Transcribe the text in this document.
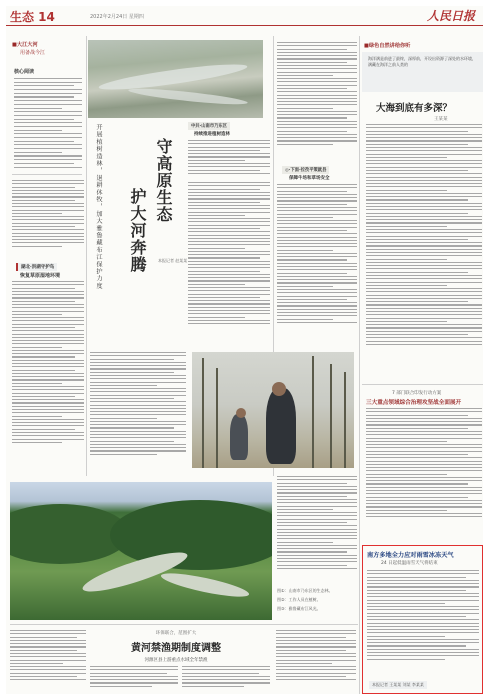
生态 14	2022年2月24日 星期四	人民日报
■大江大河
用备战今江
核心阅读
湖北·洪湖守护鸟
恢复草原湿地环境	开展植树造林，退耕休牧，加大雅鲁藏布江保护力度	守高原生态
护大河奔腾	本报记者 赵某某
中共·山南市乃东区
持续推进植树造林
◎·下面·拉孜平策就县
保障牛场和草场安全
图①：山南市乃东区的生态林。
图②：工作人员在植树。
图③：雅鲁藏布江风光。
环保联合，范围扩大
黄河禁渔期制度调整
河源区县上游重点水域全年禁渔
■绿色自然讲给你听
海洋满是前进了最终，深厚前，开设出资源了深处的水环境，满藏在海洋之前人类的
大海到底有多深？
王某某
7 部门联合印发行动方案
三大重点领域综合治理攻坚战全面展开
南方多地全力应对雨雪冰冻天气
24 日起低温雨雪天气将结束
本报记者 王某某 刘某 李某某
